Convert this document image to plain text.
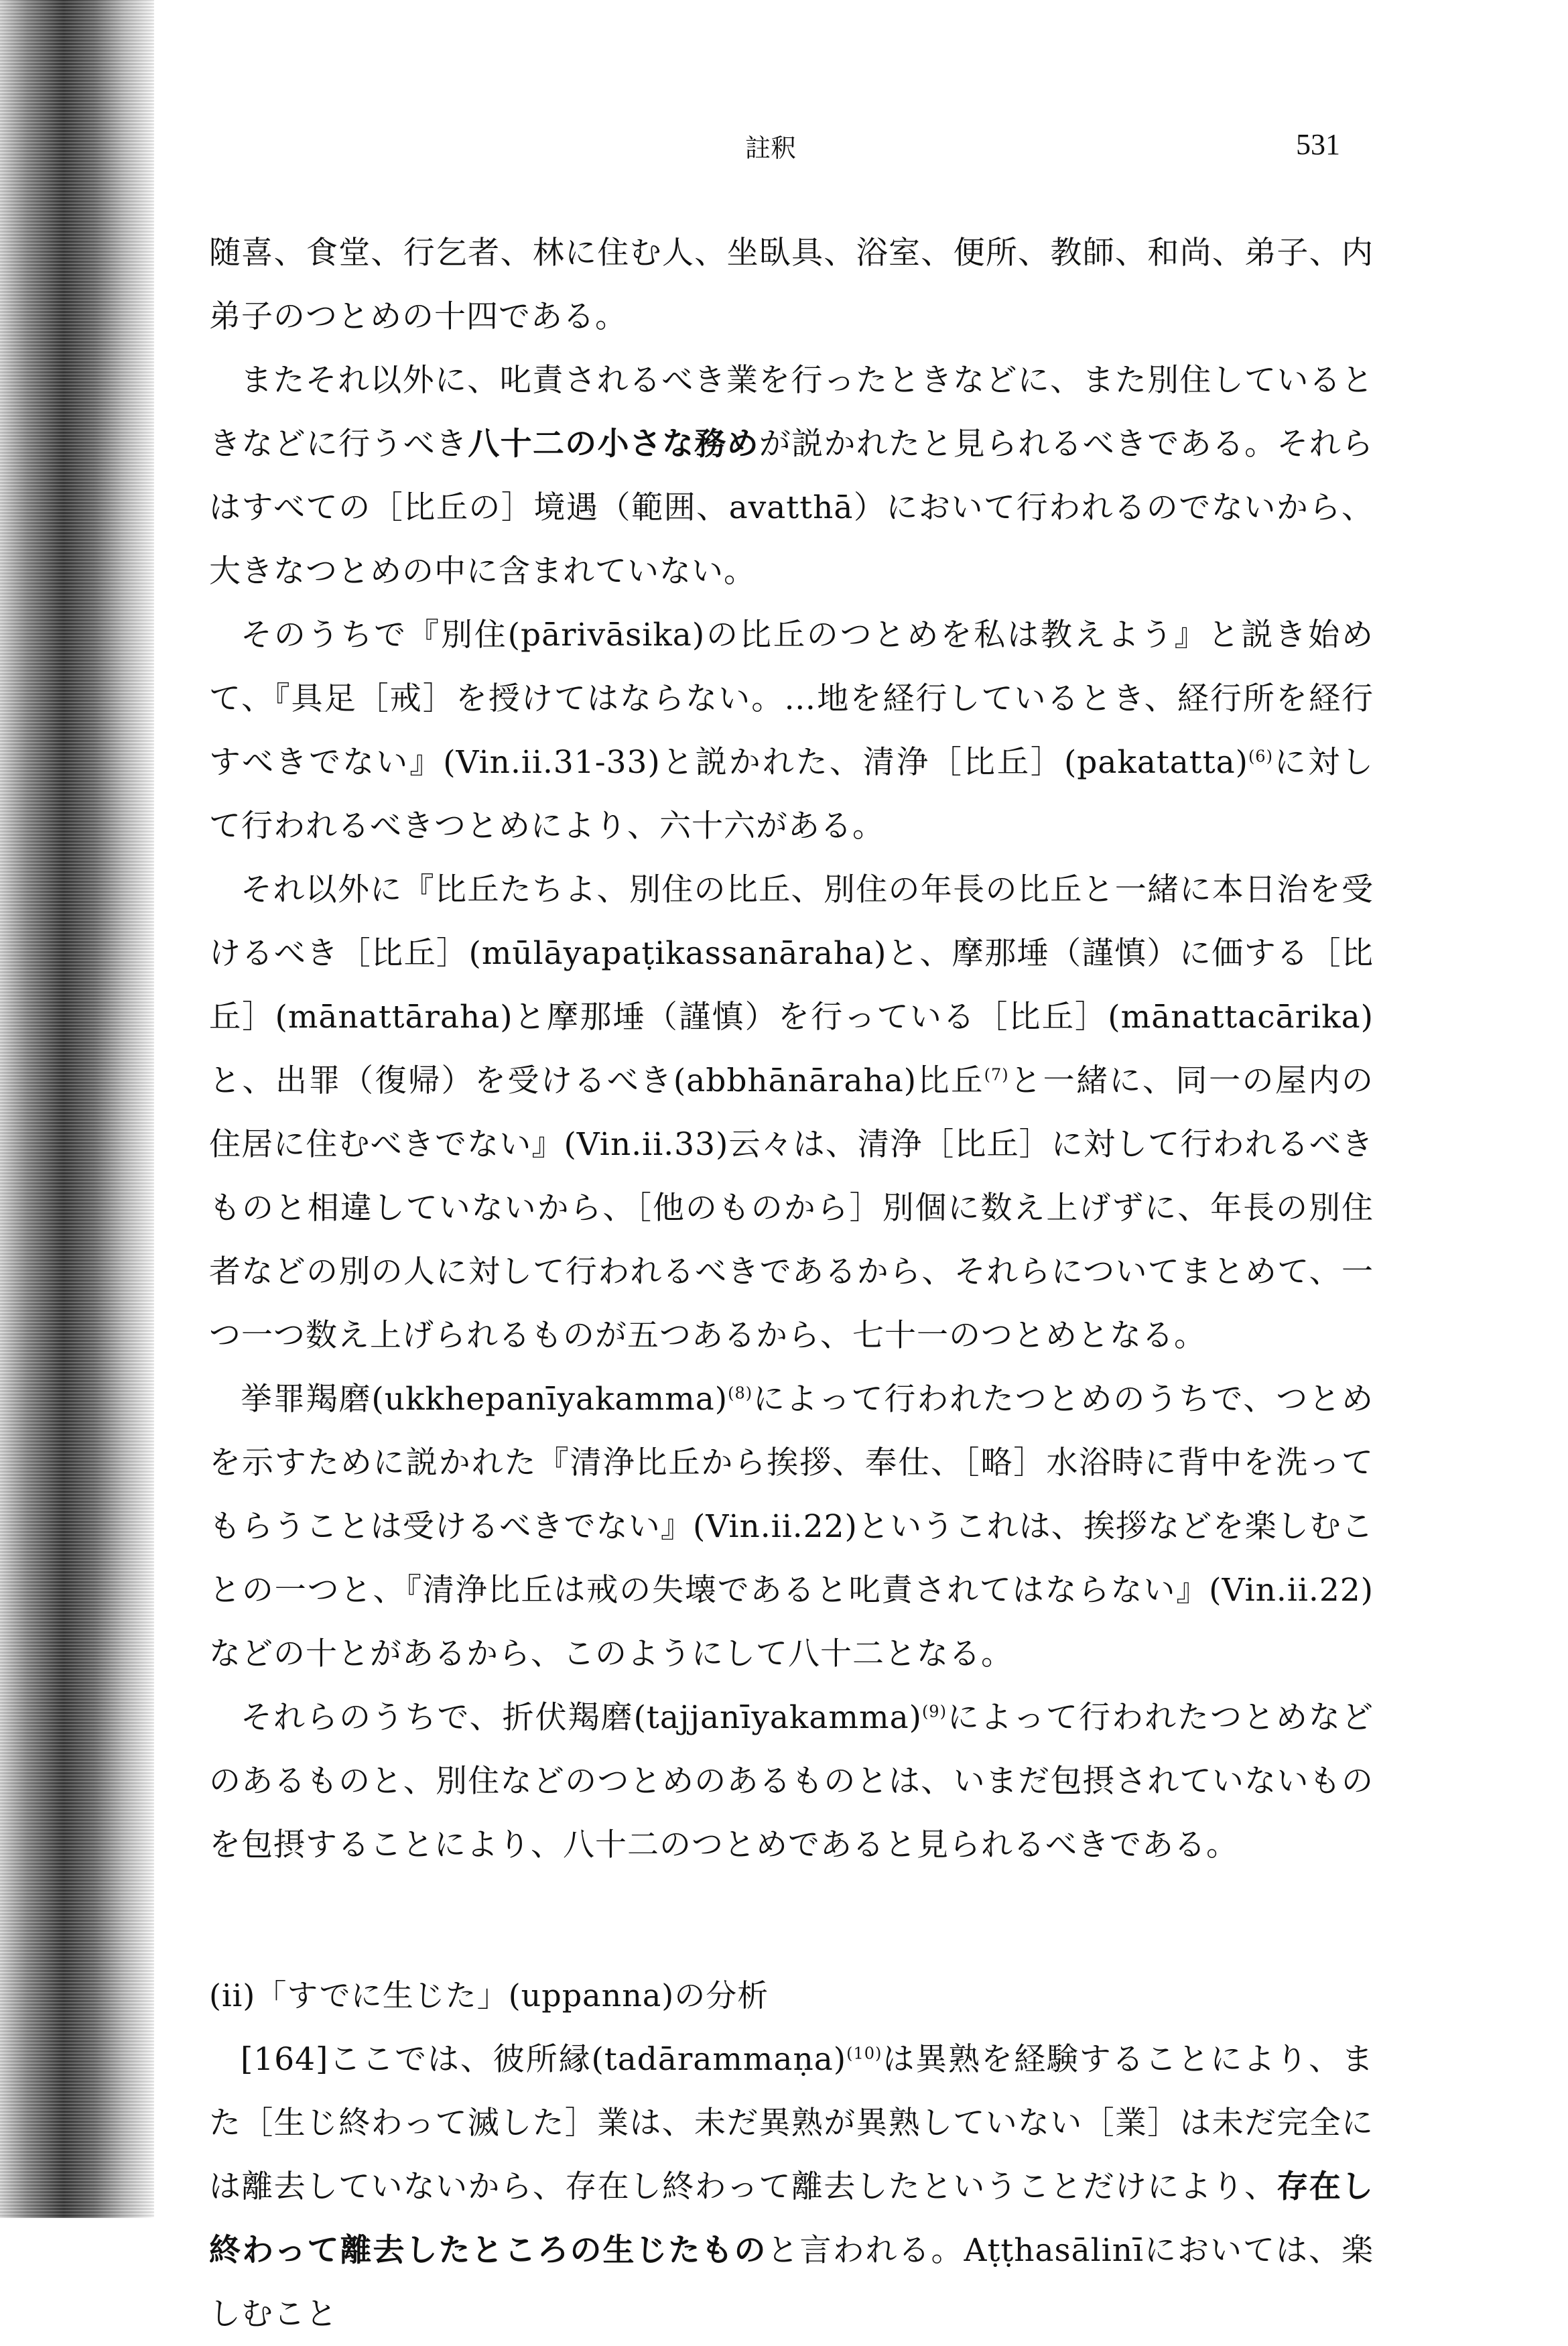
註釈	531

随喜、食堂、行乞者、林に住む人、坐臥具、浴室、便所、教師、和尚、弟子、内弟子のつとめの十四である。

またそれ以外に、叱責されるべき業を行ったときなどに、また別住しているときなどに行うべき八十二の小さな務めが説かれたと見られるべきである。それらはすべての［比丘の］境遇（範囲、avatthā）において行われるのでないから、大きなつとめの中に含まれていない。

そのうちで『別住(pārivāsika)の比丘のつとめを私は教えよう』と説き始めて、『具足［戒］を授けてはならない。…地を経行しているとき、経行所を経行すべきでない』(Vin.ii.31-33)と説かれた、清浄［比丘］(pakatatta)$^{(6)}$に対して行われるべきつとめにより、六十六がある。

それ以外に『比丘たちよ、別住の比丘、別住の年長の比丘と一緒に本日治を受けるべき［比丘］(mūlāyapaṭikassanāraha)と、摩那埵（謹慎）に価する［比丘］(mānattāraha)と摩那埵（謹慎）を行っている［比丘］(mānattacārika)と、出罪（復帰）を受けるべき(abbhānāraha)比丘$^{(7)}$と一緒に、同一の屋内の住居に住むべきでない』(Vin.ii.33)云々は、清浄［比丘］に対して行われるべきものと相違していないから、［他のものから］別個に数え上げずに、年長の別住者などの別の人に対して行われるべきであるから、それらについてまとめて、一つ一つ数え上げられるものが五つあるから、七十一のつとめとなる。

挙罪羯磨(ukkhepanīyakamma)$^{(8)}$によって行われたつとめのうちで、つとめを示すために説かれた『清浄比丘から挨拶、奉仕、［略］水浴時に背中を洗ってもらうことは受けるべきでない』(Vin.ii.22)というこれは、挨拶などを楽しむことの一つと、『清浄比丘は戒の失壊であると叱責されてはならない』(Vin.ii.22)などの十とがあるから、このようにして八十二となる。

それらのうちで、折伏羯磨(tajjanīyakamma)$^{(9)}$によって行われたつとめなどのあるものと、別住などのつとめのあるものとは、いまだ包摂されていないものを包摂することにより、八十二のつとめであると見られるべきである。

(ii)「すでに生じた」(uppanna)の分析

[164]ここでは、彼所縁(tadārammaṇa)$^{(10)}$は異熟を経験することにより、また［生じ終わって滅した］業は、未だ異熟が異熟していない［業］は未だ完全には離去していないから、存在し終わって離去したということだけにより、存在し終わって離去したところの生じたものと言われる。Aṭṭhasālinīにおいては、楽しむこと
